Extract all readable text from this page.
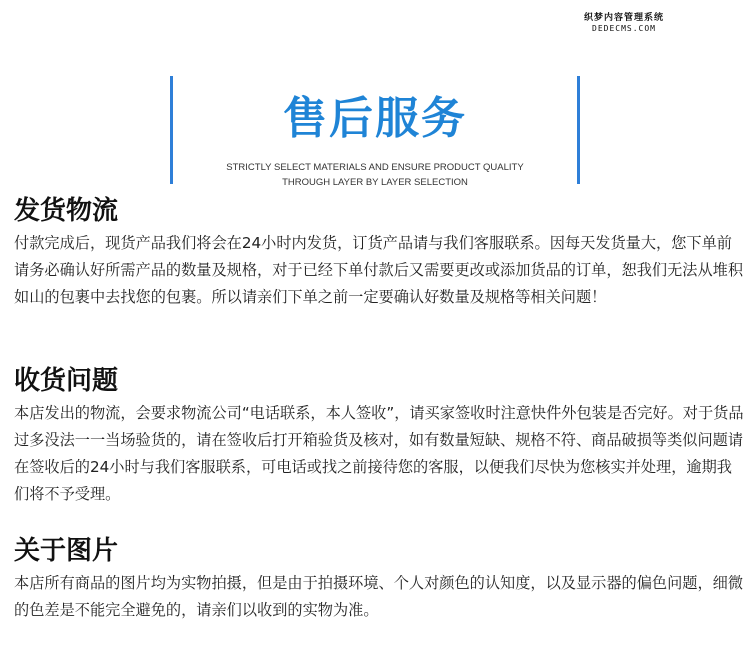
织梦内容管理系统
DEDECMS.COM
售后服务
STRICTLY SELECT MATERIALS AND ENSURE PRODUCT QUALITY
THROUGH LAYER BY LAYER SELECTION
发货物流
付款完成后，现货产品我们将会在24小时内发货，订货产品请与我们客服联系。因每天发货量大，您下单前请务必确认好所需产品的数量及规格，对于已经下单付款后又需要更改或添加货品的订单，恕我们无法从堆积如山的包裹中去找您的包裹。所以请亲们下单之前一定要确认好数量及规格等相关问题！
收货问题
本店发出的物流，会要求物流公司“电话联系，本人签收”，请买家签收时注意快件外包装是否完好。对于货品过多没法一一当场验货的，请在签收后打开箱验货及核对，如有数量短缺、规格不符、商品破损等类似问题请在签收后的24小时与我们客服联系，可电话或找之前接待您的客服，以便我们尽快为您核实并处理，逾期我们将不予受理。
关于图片
本店所有商品的图片均为实物拍摄，但是由于拍摄环境、个人对颜色的认知度，以及显示器的偏色问题，细微的色差是不能完全避免的，请亲们以收到的实物为准。
